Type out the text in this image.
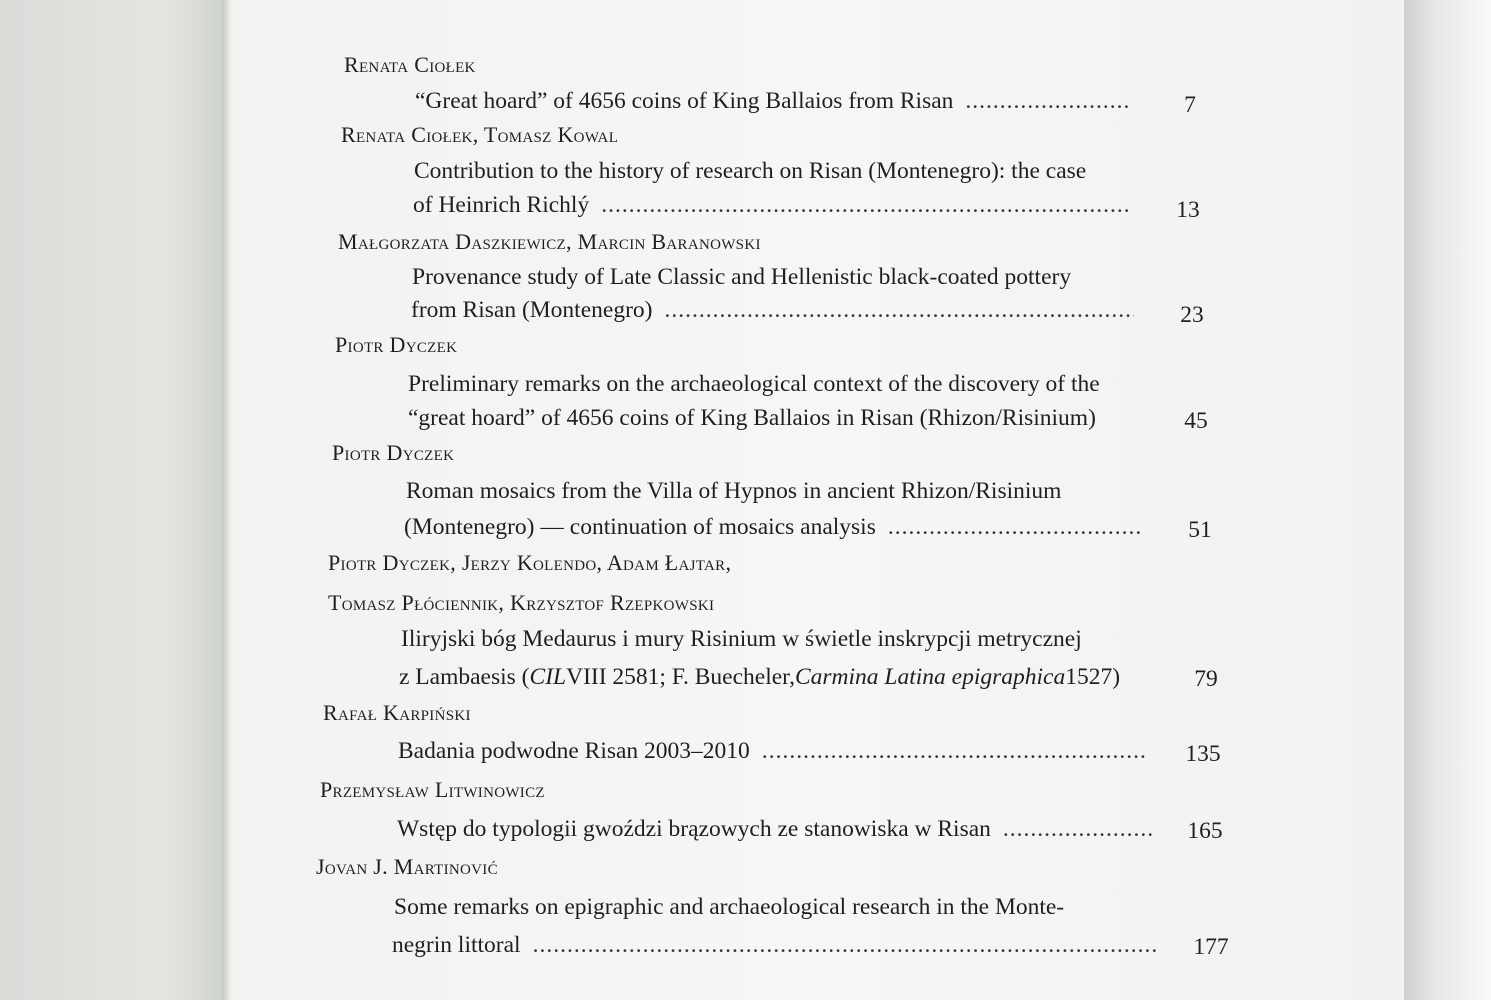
Renata Ciołek

“Great hoard” of 4656 coins of King Ballaios from Risan .....	7

Renata Ciołek, Tomasz Kowal

Contribution to the history of research on Risan (Montenegro): the case

of Heinrich Richlý .....	13

Małgorzata Daszkiewicz, Marcin Baranowski

Provenance study of Late Classic and Hellenistic black-coated pottery

from Risan (Montenegro) .....	23

Piotr Dyczek

Preliminary remarks on the archaeological context of the discovery of the

“great hoard” of 4656 coins of King Ballaios in Risan (Rhizon/Risinium)	45

Piotr Dyczek

Roman mosaics from the Villa of Hypnos in ancient Rhizon/Risinium

(Montenegro) — continuation of mosaics analysis .....	51

Piotr Dyczek, Jerzy Kolendo, Adam Łajtar,

Tomasz Płóciennik, Krzysztof Rzepkowski

Iliryjski bóg Medaurus i mury Risinium w świetle inskrypcji metrycznej

z Lambaesis ( CIL VIII 2581; F. Buecheler, Carmina Latina epigraphica 1527)	79

Rafał Karpiński

Badania podwodne Risan 2003–2010 .....	135

Przemysław Litwinowicz

Wstęp do typologii gwoździ brązowych ze stanowiska w Risan .....	165

Jovan J. Martinović

Some remarks on epigraphic and archaeological research in the Monte-

negrin littoral .....	177
